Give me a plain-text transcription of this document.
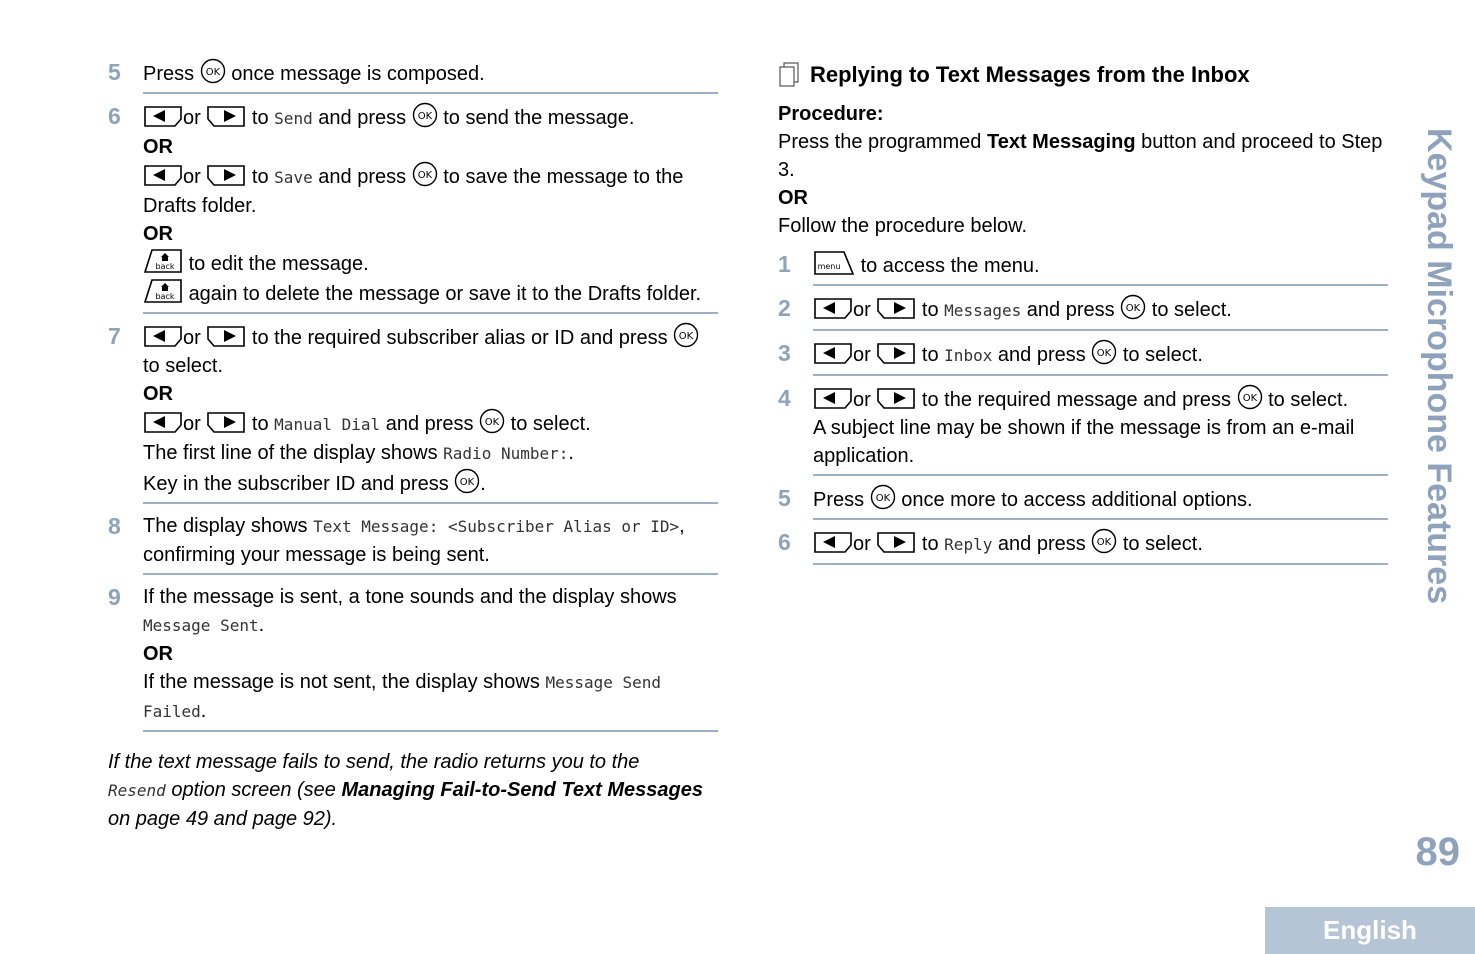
5 Press OK once message is composed.
6	or	to Send and press OK to send the message.
OR

or	to Save and press OK to save the message to the Drafts folder.
OR

back to edit the message.

back again to delete the message or save it to the Drafts folder.
7	or	to the required subscriber alias or ID and press OK
to select.
OR

or	to Manual Dial and press OK to select.
The first line of the display shows Radio Number:.
Key in the subscriber ID and press OK .
8 The display shows Text Message: <Subscriber Alias or ID>, confirming your message is being sent.
9 If the message is sent, a tone sounds and the display shows
Message Sent.
OR
If the message is not sent, the display shows Message Send Failed.
If the text message fails to send, the radio returns you to the
Resend option screen (see Managing Fail-to-Send Text Messages on page 49 and page 92).
Replying to Text Messages from the Inbox

Procedure:

Press the programmed Text Messaging button and proceed to Step 3.

OR

Follow the procedure below.

1	menu to access the menu.
2	or	to Messages and press OK to select.
3	or	to Inbox and press OK to select.
4	or	to the required message and press OK to select.
A subject line may be shown if the message is from an e-mail application.
5 Press OK once more to access additional options.
6	or	to Reply and press OK to select.	Keypad Microphone Features
89
English
